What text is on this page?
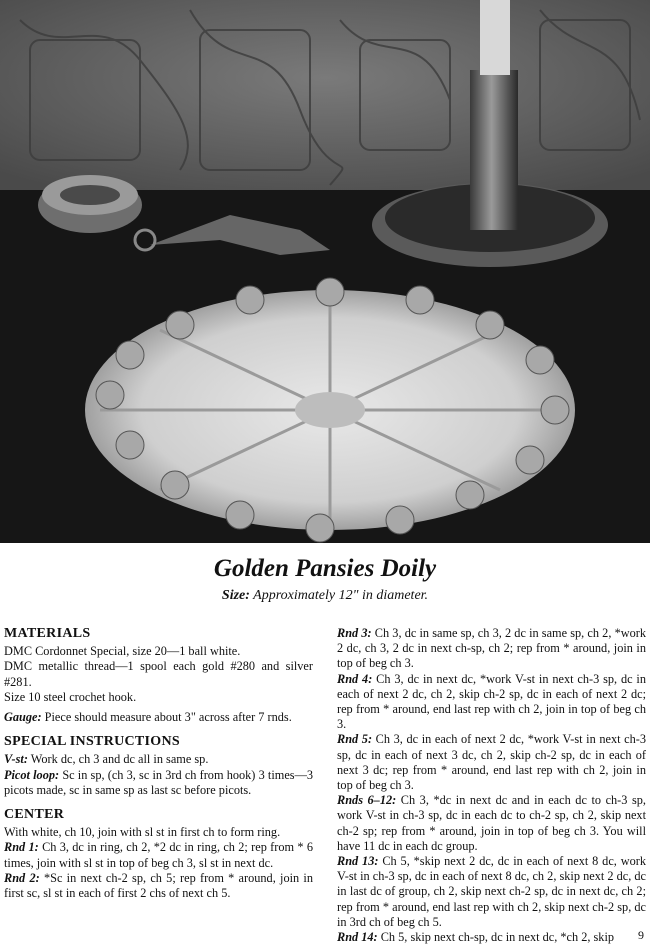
Golden Pansies Doily
Size: Approximately 12" in diameter.
MATERIALS

DMC Cordonnet Special, size 20—1 ball white.

DMC metallic thread—1 spool each gold #280 and silver #281.

Size 10 steel crochet hook.

Gauge: Piece should measure about 3" across after 7 rnds.

SPECIAL INSTRUCTIONS

V-st: Work dc, ch 3 and dc all in same sp.

Picot loop: Sc in sp, (ch 3, sc in 3rd ch from hook) 3 times—3 picots made, sc in same sp as last sc before picots.

CENTER

With white, ch 10, join with sl st in first ch to form ring.

Rnd 1: Ch 3, dc in ring, ch 2, *2 dc in ring, ch 2; rep from * 6 times, join with sl st in top of beg ch 3, sl st in next dc.

Rnd 2: *Sc in next ch-2 sp, ch 5; rep from * around, join in first sc, sl st in each of first 2 chs of next ch 5.

Rnd 3: Ch 3, dc in same sp, ch 3, 2 dc in same sp, ch 2, *work 2 dc, ch 3, 2 dc in next ch-sp, ch 2; rep from * around, join in top of beg ch 3.

Rnd 4: Ch 3, dc in next dc, *work V-st in next ch-3 sp, dc in each of next 2 dc, ch 2, skip ch-2 sp, dc in each of next 2 dc; rep from * around, end last rep with ch 2, join in top of beg ch 3.

Rnd 5: Ch 3, dc in each of next 2 dc, *work V-st in next ch-3 sp, dc in each of next 3 dc, ch 2, skip ch-2 sp, dc in each of next 3 dc; rep from * around, end last rep with ch 2, join in top of beg ch 3.

Rnds 6–12: Ch 3, *dc in next dc and in each dc to ch-3 sp, work V-st in ch-3 sp, dc in each dc to ch-2 sp, ch 2, skip next ch-2 sp; rep from * around, join in top of beg ch 3. You will have 11 dc in each dc group.

Rnd 13: Ch 5, *skip next 2 dc, dc in each of next 8 dc, work V-st in ch-3 sp, dc in each of next 8 dc, ch 2, skip next 2 dc, dc in last dc of group, ch 2, skip next ch-2 sp, dc in next dc, ch 2; rep from * around, end last rep with ch 2, skip next ch-2 sp, dc in 3rd ch of beg ch 5.

Rnd 14: Ch 5, skip next ch-sp, dc in next dc, *ch 2, skip	9
